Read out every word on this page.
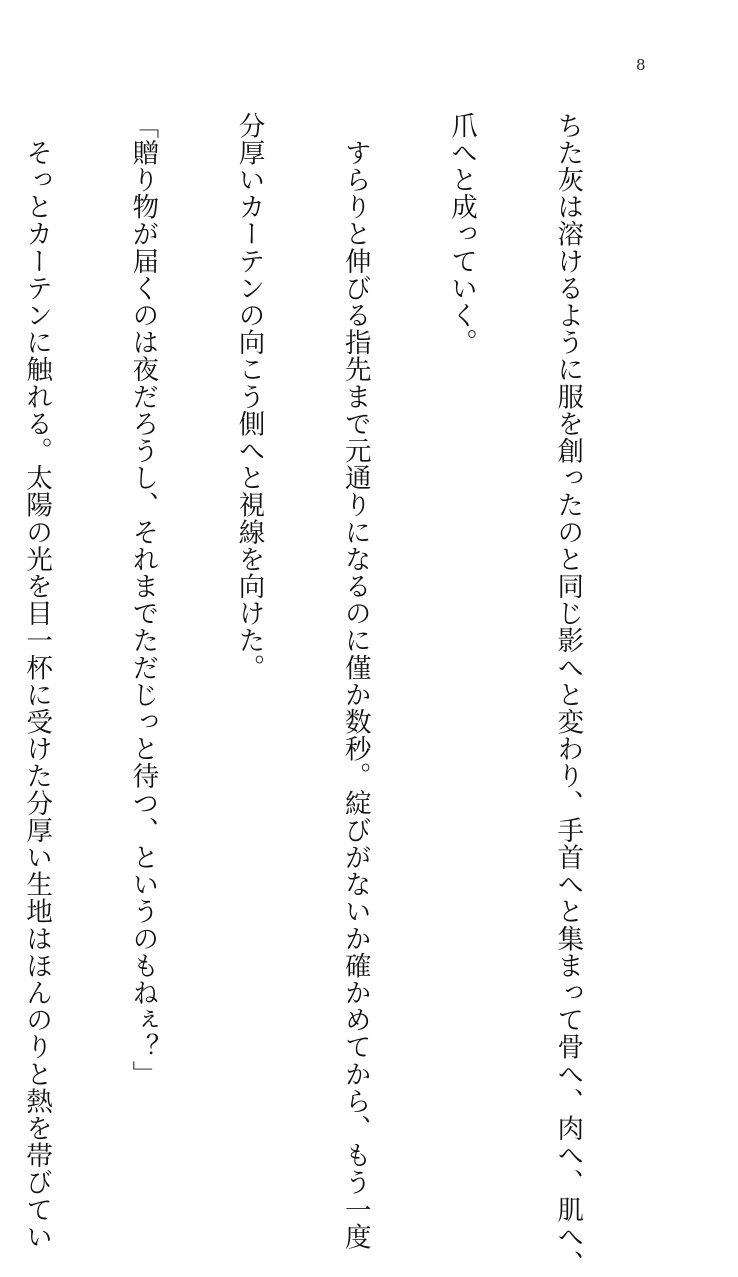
8

ちた灰は溶けるように服を創ったのと同じ影へと変わり、手首へと集まって骨へ、肉へ、肌へ、

爪へと成っていく。

　すらりと伸びる指先まで元通りになるのに僅か数秒。綻びがないか確かめてから、もう一度

分厚いカーテンの向こう側へと視線を向けた。

「贈り物が届くのは夜だろうし、それまでただじっと待つ、というのもねぇ？」

　そっとカーテンに触れる。太陽の光を目一杯に受けた分厚い生地はほんのりと熱を帯びてい
